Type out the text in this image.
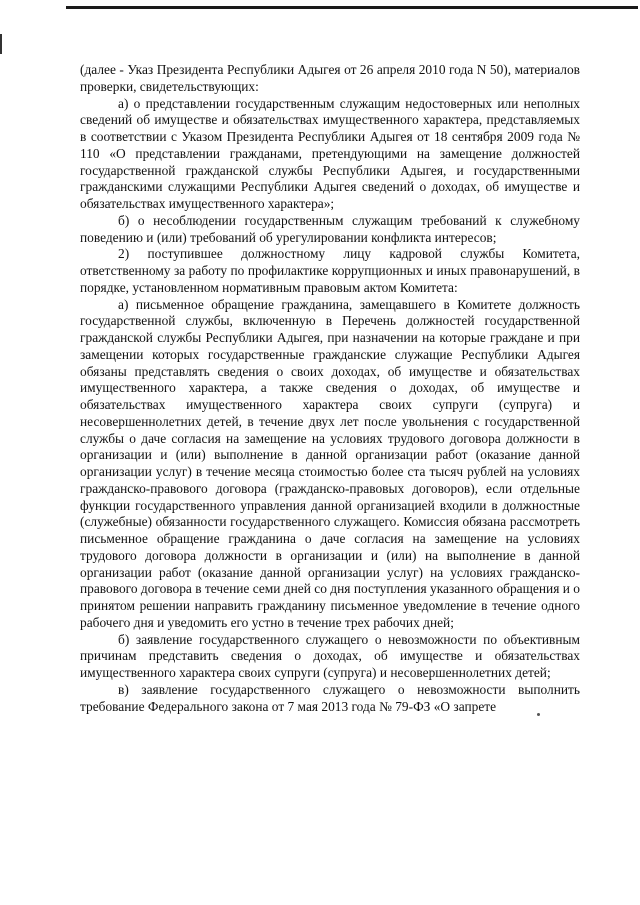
(далее - Указ Президента Республики Адыгея от 26 апреля 2010 года N 50), материалов проверки, свидетельствующих:

а) о представлении государственным служащим недостоверных или неполных сведений об имуществе и обязательствах имущественного характера, представляемых в соответствии с Указом Президента Республики Адыгея от 18 сентября 2009 года № 110 «О представлении гражданами, претендующими на замещение должностей государственной гражданской службы Республики Адыгея, и государственными гражданскими служащими Республики Адыгея сведений о доходах, об имуществе и обязательствах имущественного характера»;

б) о несоблюдении государственным служащим требований к служебному поведению и (или) требований об урегулировании конфликта интересов;

2) поступившее должностному лицу кадровой службы Комитета, ответственному за работу по профилактике коррупционных и иных правонарушений, в порядке, установленном нормативным правовым актом Комитета:

а) письменное обращение гражданина, замещавшего в Комитете должность государственной службы, включенную в Перечень должностей государственной гражданской службы Республики Адыгея, при назначении на которые граждане и при замещении которых государственные гражданские служащие Республики Адыгея обязаны представлять сведения о своих доходах, об имуществе и обязательствах имущественного характера, а также сведения о доходах, об имуществе и обязательствах имущественного характера своих супруги (супруга) и несовершеннолетних детей, в течение двух лет после увольнения с государственной службы о даче согласия на замещение на условиях трудового договора должности в организации и (или) выполнение в данной организации работ (оказание данной организации услуг) в течение месяца стоимостью более ста тысяч рублей на условиях гражданско-правового договора (гражданско-правовых договоров), если отдельные функции государственного управления данной организацией входили в должностные (служебные) обязанности государственного служащего. Комиссия обязана рассмотреть письменное обращение гражданина о даче согласия на замещение на условиях трудового договора должности в организации и (или) на выполнение в данной организации работ (оказание данной организации услуг) на условиях гражданско-правового договора в течение семи дней со дня поступления указанного обращения и о принятом решении направить гражданину письменное уведомление в течение одного рабочего дня и уведомить его устно в течение трех рабочих дней;

б) заявление государственного служащего о невозможности по объективным причинам представить сведения о доходах, об имуществе и обязательствах имущественного характера своих супруги (супруга) и несовершеннолетних детей;

в) заявление государственного служащего о невозможности выполнить требование Федерального закона от 7 мая 2013 года № 79-ФЗ «О запрете
